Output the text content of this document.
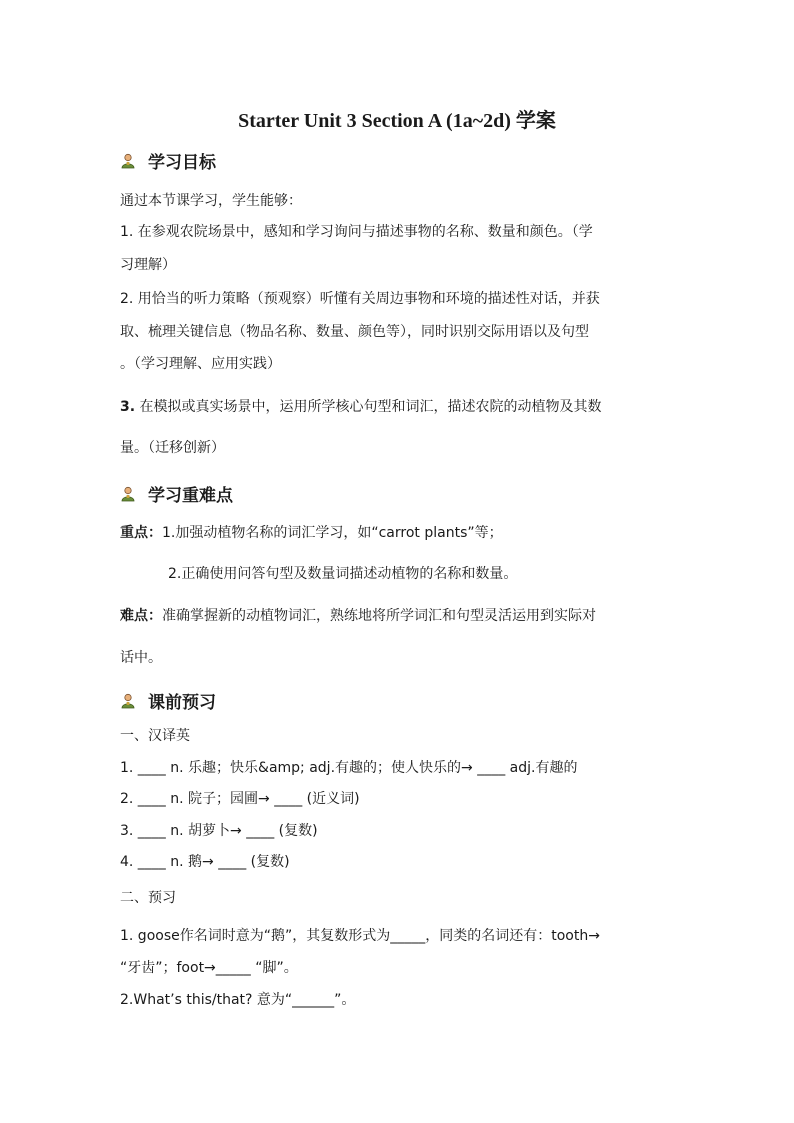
Starter Unit 3 Section A (1a~2d) 学案
学习目标
通过本节课学习，学生能够：
1. 在参观农院场景中，感知和学习询问与描述事物的名称、数量和颜色。（学
习理解）
2. 用恰当的听力策略（预观察）听懂有关周边事物和环境的描述性对话，并获
取、梳理关键信息（物品名称、数量、颜色等），同时识别交际用语以及句型
。（学习理解、应用实践）
3. 在模拟或真实场景中，运用所学核心句型和词汇，描述农院的动植物及其数
量。（迁移创新）
学习重难点
重点：1.加强动植物名称的词汇学习，如“carrot plants”等；
2.正确使用问答句型及数量词描述动植物的名称和数量。
难点：准确掌握新的动植物词汇，熟练地将所学词汇和句型灵活运用到实际对
话中。
课前预习
一、汉译英
1. ____ n. 乐趣；快乐&amp; adj.有趣的；使人快乐的→ ____ adj.有趣的
2. ____ n. 院子；园圃→ ____ (近义词)
3. ____ n. 胡萝卜→ ____ (复数)
4. ____ n. 鹅→ ____ (复数)
二、预习
1. goose作名词时意为“鹅”，其复数形式为_____，同类的名词还有：tooth→
“牙齿”；foot→_____ “脚”。
2.What’s this/that? 意为“______”。
